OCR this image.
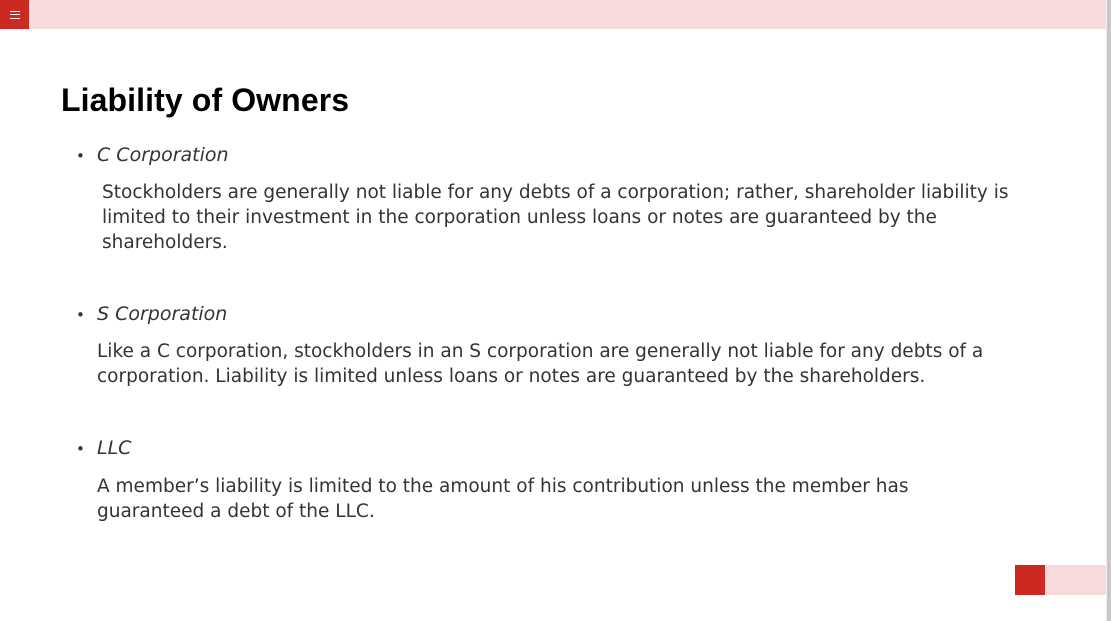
Liability of Owners
• C Corporation
Stockholders are generally not liable for any debts of a corporation; rather, shareholder liability is
limited to their investment in the corporation unless loans or notes are guaranteed by the
shareholders.
• S Corporation
Like a C corporation, stockholders in an S corporation are generally not liable for any debts of a
corporation. Liability is limited unless loans or notes are guaranteed by the shareholders.
• LLC
A member’s liability is limited to the amount of his contribution unless the member has
guaranteed a debt of the LLC.
